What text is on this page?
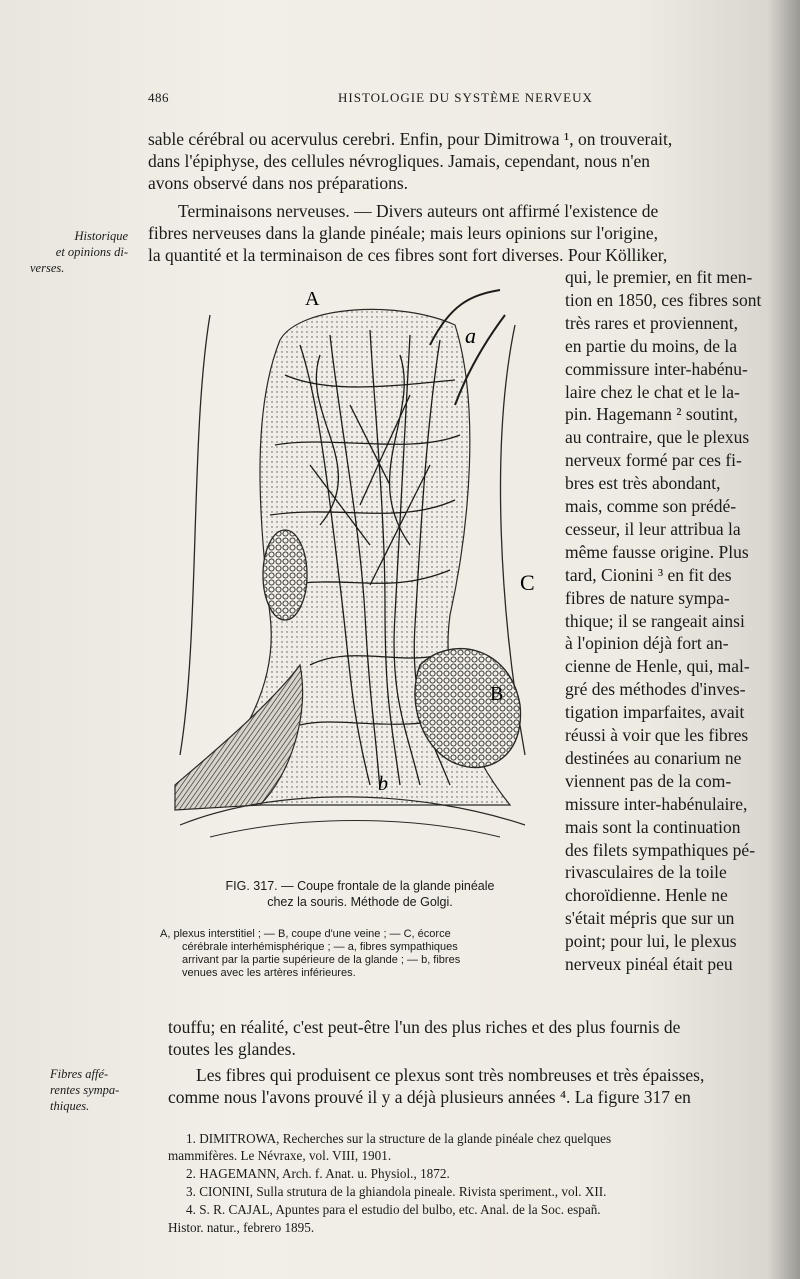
486	HISTOLOGIE DU SYSTÈME NERVEUX
sable cérébral ou acervulus cerebri. Enfin, pour Dimitrowa ¹, on trouverait,
dans l'épiphyse, des cellules névrogliques. Jamais, cependant, nous n'en
avons observé dans nos préparations.
Terminaisons nerveuses. — Divers auteurs ont affirmé l'existence de
fibres nerveuses dans la glande pinéale; mais leurs opinions sur l'origine,
la quantité et la terminaison de ces fibres sont fort diverses. Pour Kölliker,
Historique
et opinions di-
verses.	qui, le premier, en fit men-
tion en 1850, ces fibres sont
très rares et proviennent,
en partie du moins, de la
commissure inter-habénu-
laire chez le chat et le la-
pin. Hagemann ² soutint,
au contraire, que le plexus
nerveux formé par ces fi-
bres est très abondant,
mais, comme son prédé-
cesseur, il leur attribua la
même fausse origine. Plus
tard, Cionini ³ en fit des
fibres de nature sympa-
thique; il se rangeait ainsi
à l'opinion déjà fort an-
cienne de Henle, qui, mal-
gré des méthodes d'inves-
tigation imparfaites, avait
réussi à voir que les fibres
destinées au conarium ne
viennent pas de la com-
missure inter-habénulaire,
mais sont la continuation
des filets sympathiques pé-
rivasculaires de la toile
choroïdienne. Henle ne
s'était mépris que sur un
point; pour lui, le plexus
nerveux pinéal était peu
A
a
C
B
b
FIG. 317. — Coupe frontale de la glande pinéale
chez la souris. Méthode de Golgi.
A, plexus interstitiel ; — B, coupe d'une veine ; — C, écorce
cérébrale interhémisphérique ; — a, fibres sympathiques
arrivant par la partie supérieure de la glande ; — b, fibres
venues avec les artères inférieures.
touffu; en réalité, c'est peut-être l'un des plus riches et des plus fournis de
toutes les glandes.
Les fibres qui produisent ce plexus sont très nombreuses et très épaisses,
comme nous l'avons prouvé il y a déjà plusieurs années ⁴. La figure 317 en
Fibres affé-
rentes sympa-
thiques.
1. DIMITROWA, Recherches sur la structure de la glande pinéale chez quelques
mammifères. Le Névraxe, vol. VIII, 1901.
2. HAGEMANN, Arch. f. Anat. u. Physiol., 1872.
3. CIONINI, Sulla strutura de la ghiandola pineale. Rivista speriment., vol. XII.
4. S. R. CAJAL, Apuntes para el estudio del bulbo, etc. Anal. de la Soc. españ.
Histor. natur., febrero 1895.
